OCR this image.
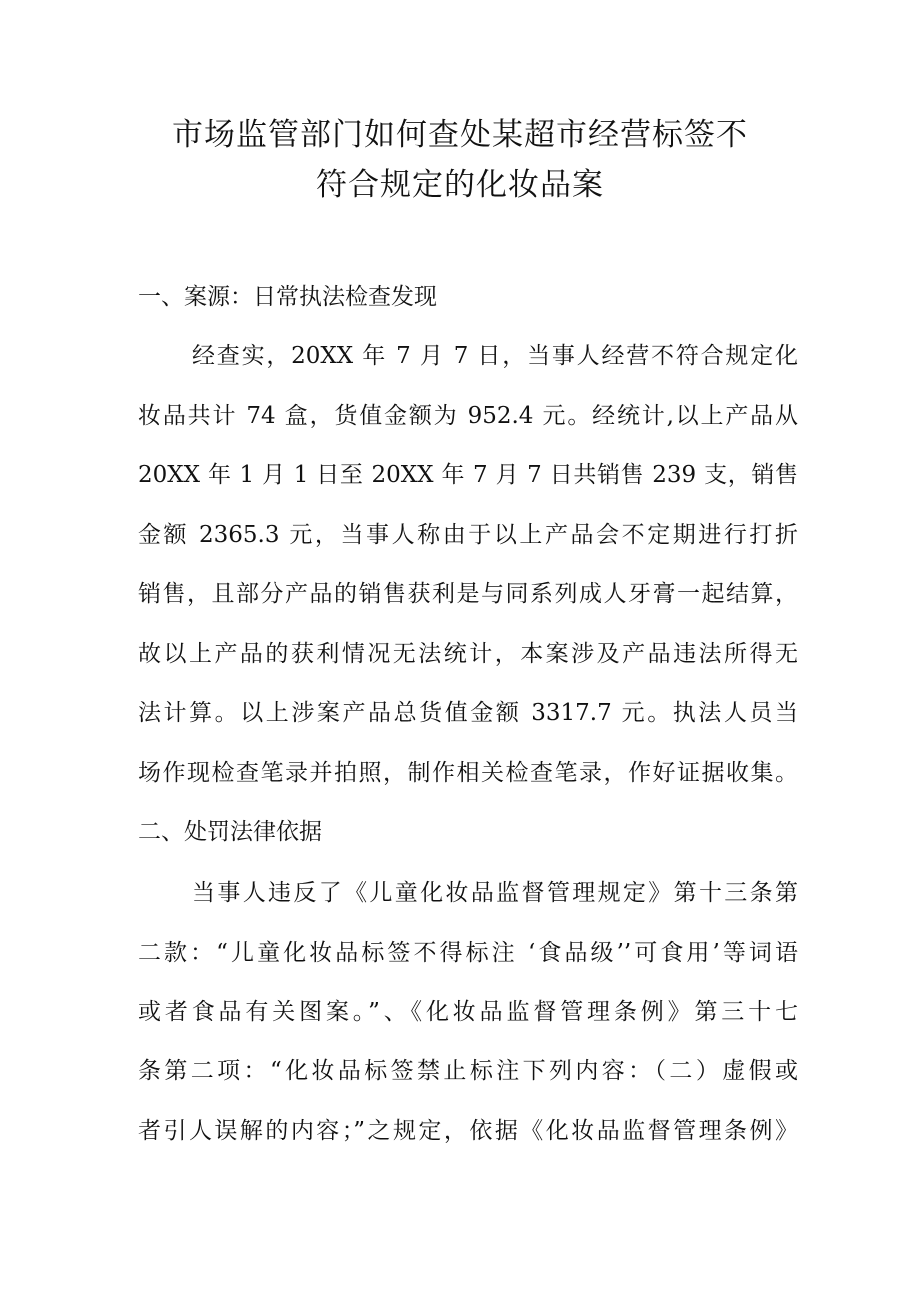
市场监管部门如何查处某超市经营标签不
符合规定的化妆品案
一、案源：日常执法检查发现
经查实，20XX 年 7 月 7 日，当事人经营不符合规定化
妆品共计 74 盒，货值金额为 952.4 元。经统计,以上产品从
20XX 年 1 月 1 日至 20XX 年 7 月 7 日共销售 239 支，销售
金额 2365.3 元，当事人称由于以上产品会不定期进行打折
销售，且部分产品的销售获利是与同系列成人牙膏一起结算，
故以上产品的获利情况无法统计，本案涉及产品违法所得无
法计算。以上涉案产品总货值金额 3317.7 元。执法人员当
场作现检查笔录并拍照，制作相关检查笔录，作好证据收集。
二、处罚法律依据
当事人违反了《儿童化妆品监督管理规定》第十三条第
二款：“儿童化妆品标签不得标注 ‘食品级’’可食用’等词语
或者食品有关图案。”、《化妆品监督管理条例》第三十七
条第二项：“化妆品标签禁止标注下列内容：（二）虚假或
者引人误解的内容；”之规定，依据《化妆品监督管理条例》
